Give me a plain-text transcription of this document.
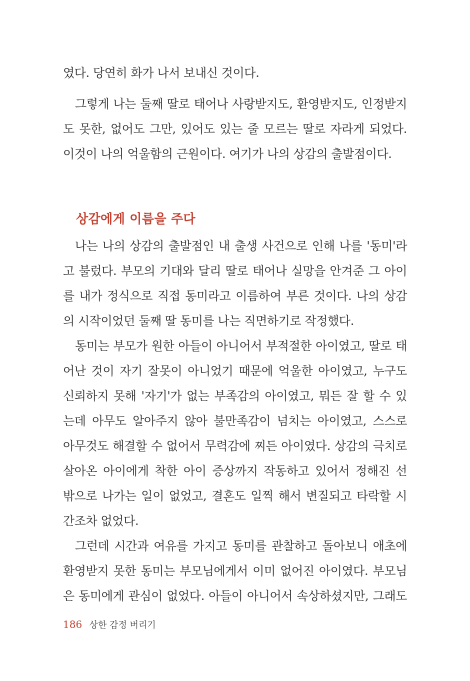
였다. 당연히 화가 나서 보내신 것이다.
그렇게 나는 둘째 딸로 태어나 사랑받지도, 환영받지도, 인정받지
도 못한, 없어도 그만, 있어도 있는 줄 모르는 딸로 자라게 되었다.
이것이 나의 억울함의 근원이다. 여기가 나의 상감의 출발점이다.
상감에게 이름을 주다
나는 나의 상감의 출발점인 내 출생 사건으로 인해 나를 '동미'라
고 불렀다. 부모의 기대와 달리 딸로 태어나 실망을 안겨준 그 아이
를 내가 정식으로 직접 동미라고 이름하여 부른 것이다. 나의 상감
의 시작이었던 둘째 딸 동미를 나는 직면하기로 작정했다.
동미는 부모가 원한 아들이 아니어서 부적절한 아이였고, 딸로 태
어난 것이 자기 잘못이 아니었기 때문에 억울한 아이였고, 누구도
신뢰하지 못해 '자기'가 없는 부족감의 아이였고, 뭐든 잘 할 수 있
는데 아무도 알아주지 않아 불만족감이 넘치는 아이였고, 스스로
아무것도 해결할 수 없어서 무력감에 찌든 아이였다. 상감의 극치로
살아온 아이에게 착한 아이 증상까지 작동하고 있어서 정해진 선
밖으로 나가는 일이 없었고, 결혼도 일찍 해서 변질되고 타락할 시
간조차 없었다.
그런데 시간과 여유를 가지고 동미를 관찰하고 돌아보니 애초에
환영받지 못한 동미는 부모님에게서 이미 없어진 아이였다. 부모님
은 동미에게 관심이 없었다. 아들이 아니어서 속상하셨지만, 그래도
186 상한 감정 버리기
